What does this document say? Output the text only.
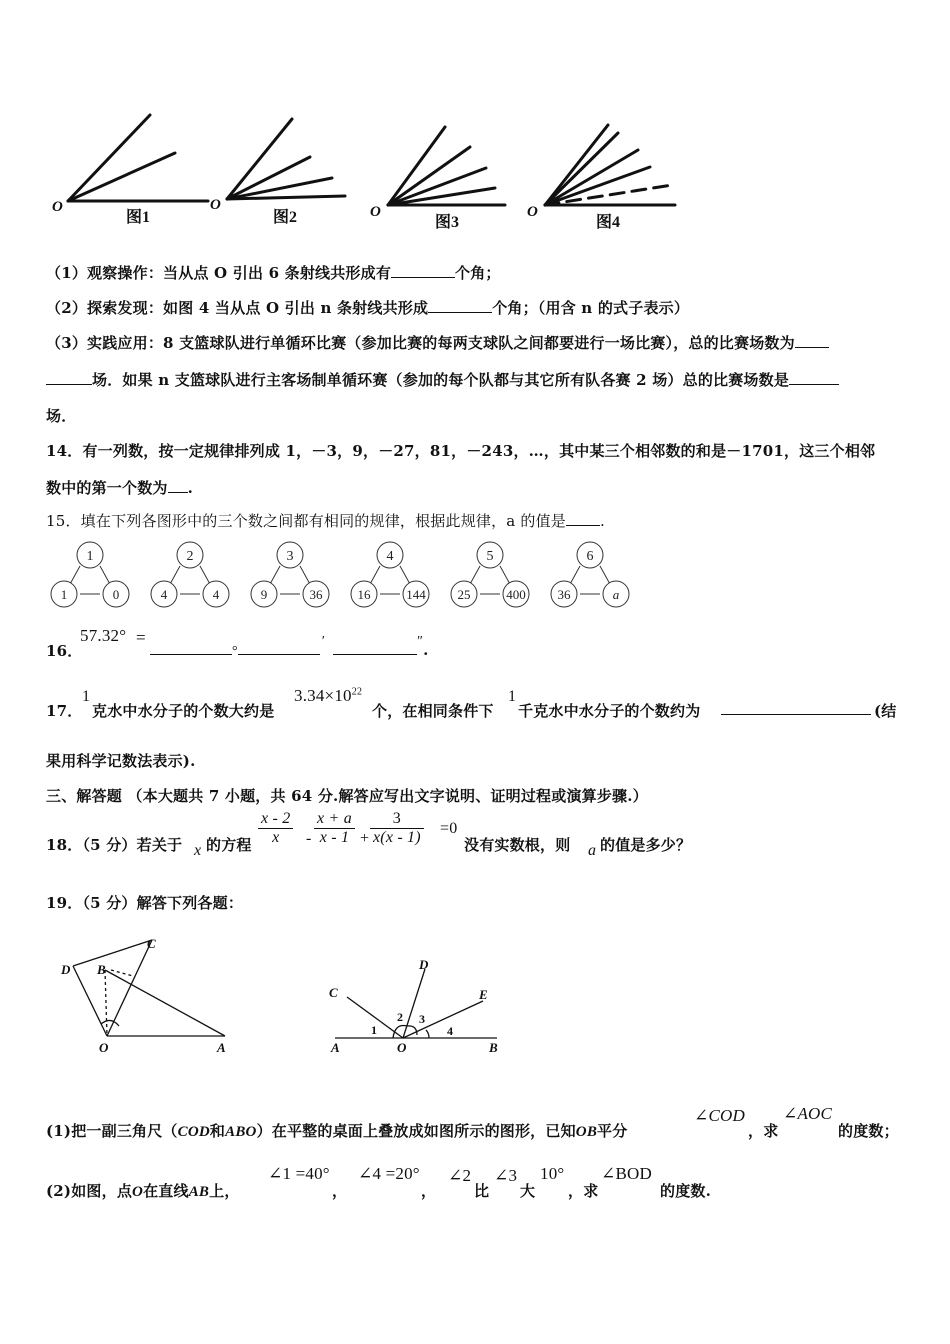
O	O	O	O
图1	图2	图3	图4
（1）观察操作：当从点 O 引出 6 条射线共形成有	个角；
（2）探索发现：如图 4 当从点 O 引出 n 条射线共形成	个角；（用含 n 的式子表示）
（3）实践应用：8 支篮球队进行单循环比赛（参加比赛的每两支球队之间都要进行一场比赛），总的比赛场数为
场．如果 n 支篮球队进行主客场制单循环赛（参加的每个队都与其它所有队各赛 2 场）总的比赛场数是
场．
14．有一列数，按一定规律排列成 1，－3，9，－27，81，－243，…，其中某三个相邻数的和是－1701，这三个相邻
数中的第一个数为 .
15．填在下列各图形中的三个数之间都有相同的规律，根据此规律，a 的值是 .
1
1	0
2
4	4
3
9	36
4
16	144
5
25	400
6
36	a
16．
57.32° =
°′	″.
17．
1
克水中水分子的个数大约是
$3.34\times 10^{22}$
个，在相同条件下
1
千克水中水分子的个数约为	(结
果用科学记数法表示).
三、解答题 （本大题共 7 小题，共 64 分.解答应写出文字说明、证明过程或演算步骤.）
18．（5 分）若关于 x 的方程 $\frac{x - 2}{x} - \frac{x + a}{x - 1} + \frac{3}{x(x - 1)} =0$
没有实数根，则 a 的值是多少？
19．（5 分）解答下列各题：
C
D B
O	A
D
C	E
A	O	B
1
2 3
4
(1)把一副三角尺（COD和ABO）在平整的桌面上叠放成如图所示的图形，已知OB平分
∠COD
，求
∠AOC
的度数；
(2)如图，点O在直线AB上，
∠1 =40°
，
∠4 =20°
，
∠2
比
∠3
大
10°
，求
∠BOD
的度数.
